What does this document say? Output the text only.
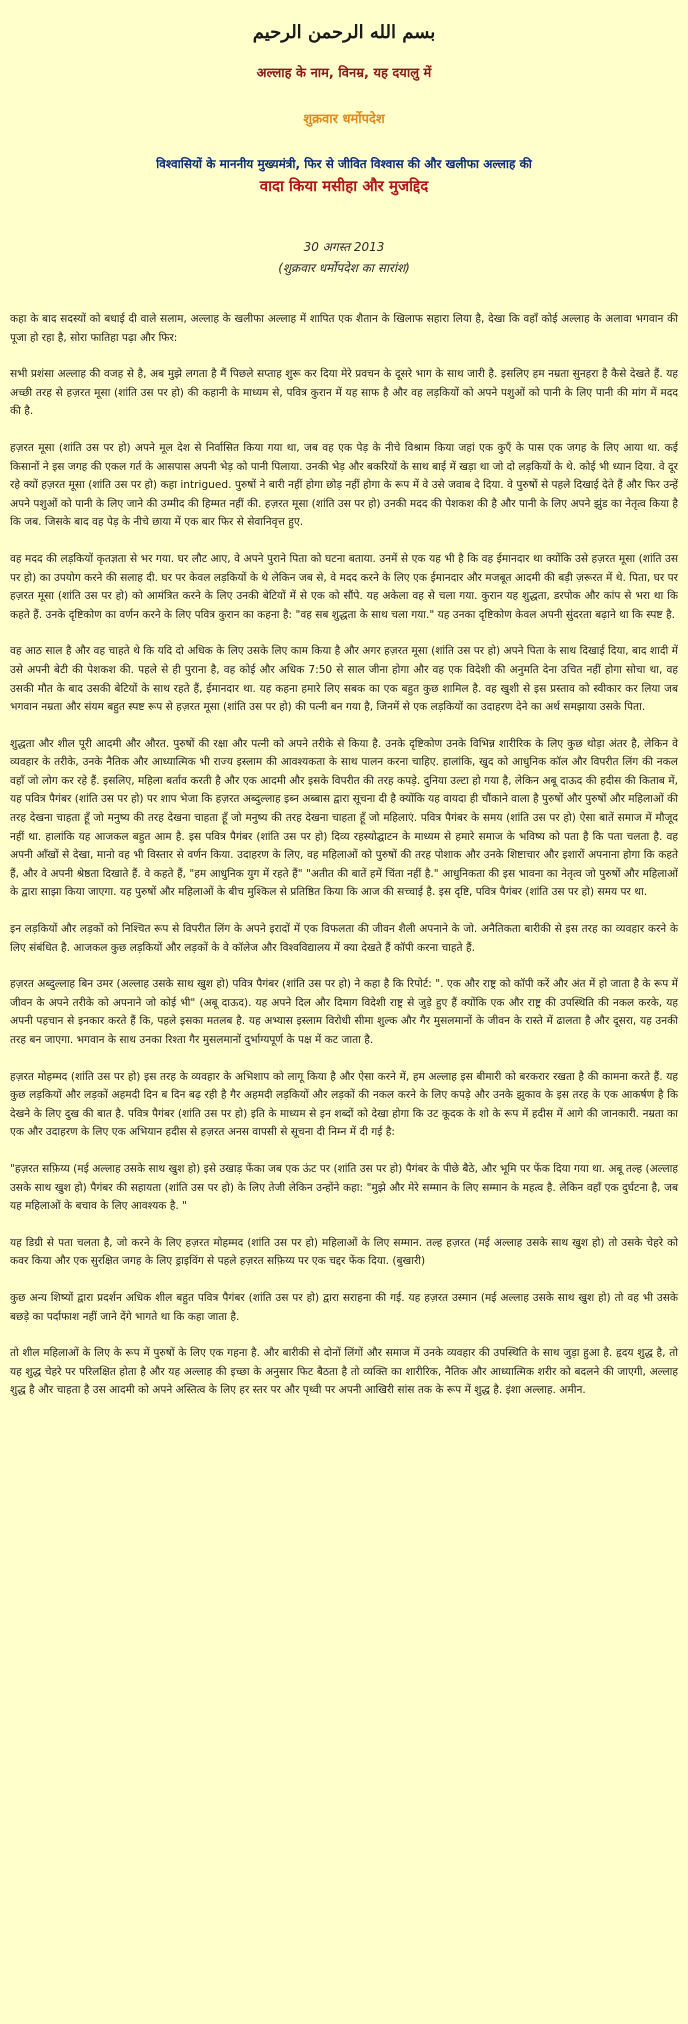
بسم الله الرحمن الرحيم
अल्लाह के नाम, विनम्र, यह दयालु में
शुक्रवार धर्मोपदेश
विश्वासियों के माननीय मुख्यमंत्री, फिर से जीवित विश्वास की और खलीफा अल्लाह की
वादा किया मसीहा और मुजद्दिद
30 अगस्त 2013
(शुक्रवार धर्मोपदेश का सारांश)

कहा के बाद सदस्यों को बधाई दी वाले सलाम, अल्लाह के खलीफा अल्लाह में शापित एक शैतान के खिलाफ सहारा लिया है, देखा कि वहाँ कोई अल्लाह के अलावा भगवान की पूजा हो रहा है, सोरा फातिहा पढ़ा और फिर:

सभी प्रशंसा अल्लाह की वजह से है, अब मुझे लगता है मैं पिछले सप्ताह शुरू कर दिया मेरे प्रवचन के दूसरे भाग के साथ जारी है. इसलिए हम नम्रता सुनहरा है कैसे देखते हैं. यह अच्छी तरह से हज़रत मूसा (शांति उस पर हो) की कहानी के माध्यम से, पवित्र कुरान में यह साफ है और वह लड़कियों को अपने पशुओं को पानी के लिए पानी की मांग में मदद की है.

हज़रत मूसा (शांति उस पर हो) अपने मूल देश से निर्वासित किया गया था, जब वह एक पेड़ के नीचे विश्राम किया जहां एक कुएँ के पास एक जगह के लिए आया था. कई किसानों ने इस जगह की एकल गर्त के आसपास अपनी भेड़ को पानी पिलाया. उनकी भेड़ और बकरियों के साथ बाई में खड़ा था जो दो लड़कियों के थे. कोई भी ध्यान दिया. वे दूर रहे क्यों हज़रत मूसा (शांति उस पर हो) कहा intrigued. पुरुषों ने बारी नहीं होगा छोड़ नहीं होगा के रूप में वे उसे जवाब दे दिया. वे पुरुषों से पहले दिखाई देते हैं और फिर उन्हें अपने पशुओं को पानी के लिए जाने की उम्मीद की हिम्मत नहीं की. हज़रत मूसा (शांति उस पर हो) उनकी मदद की पेशकश की है और पानी के लिए अपने झुंड का नेतृत्व किया है कि जब. जिसके बाद वह पेड़ के नीचे छाया में एक बार फिर से सेवानिवृत्त हुए.

वह मदद की लड़कियों कृतज्ञता से भर गया. घर लौट आए, वे अपने पुराने पिता को घटना बताया. उनमें से एक यह भी है कि वह ईमानदार था क्योंकि उसे हज़रत मूसा (शांति उस पर हो) का उपयोग करने की सलाह दी. घर पर केवल लड़कियों के थे लेकिन जब से, वे मदद करने के लिए एक ईमानदार और मजबूत आदमी की बड़ी ज़रूरत में थे. पिता, घर पर हज़रत मूसा (शांति उस पर हो) को आमंत्रित करने के लिए उनकी बेटियों में से एक को सौंपे. यह अकेला वह से चला गया. कुरान यह शुद्धता, डरपोक और कांप से भरा था कि कहते हैं. उनके दृष्टिकोण का वर्णन करने के लिए पवित्र कुरान का कहना है: "वह सब शुद्धता के साथ चला गया." यह उनका दृष्टिकोण केवल अपनी सुंदरता बढ़ाने था कि स्पष्ट है.

वह आठ साल है और वह चाहते थे कि यदि दो अधिक के लिए उसके लिए काम किया है और अगर हज़रत मूसा (शांति उस पर हो) अपने पिता के साथ दिखाई दिया, बाद शादी में उसे अपनी बेटी की पेशकश की. पहले से ही पुराना है, वह कोई और अधिक 7:50 से साल जीना होगा और वह एक विदेशी की अनुमति देना उचित नहीं होगा सोचा था, वह उसकी मौत के बाद उसकी बेटियों के साथ रहते हैं, ईमानदार था. यह कहना हमारे लिए सबक का एक बहुत कुछ शामिल है. वह खुशी से इस प्रस्ताव को स्वीकार कर लिया जब भगवान नम्रता और संयम बहुत स्पष्ट रूप से हज़रत मूसा (शांति उस पर हो) की पत्नी बन गया है, जिनमें से एक लड़कियों का उदाहरण देने का अर्थ समझाया उसके पिता.

शुद्धता और शील पूरी आदमी और औरत. पुरुषों की रक्षा और पत्नी को अपने तरीके से किया है. उनके दृष्टिकोण उनके विभिन्न शारीरिक के लिए कुछ थोड़ा अंतर है, लेकिन वे व्यवहार के तरीके, उनके नैतिक और आध्यात्मिक भी राज्य इस्लाम की आवश्यकता के साथ पालन करना चाहिए. हालांकि, खुद को आधुनिक कॉल और विपरीत लिंग की नकल वहाँ जो लोग कर रहे हैं. इसलिए, महिला बर्ताव करती है और एक आदमी और इसके विपरीत की तरह कपड़े. दुनिया उल्टा हो गया है, लेकिन अबू दाऊद की हदीस की किताब में, यह पवित्र पैगंबर (शांति उस पर हो) पर शाप भेजा कि हज़रत अब्दुल्लाह इब्न अब्बास द्वारा सूचना दी है क्योंकि यह वायदा ही चौंकाने वाला है पुरुषों और पुरुषों और महिलाओं की तरह देखना चाहता हूँ जो मनुष्य की तरह देखना चाहता हूँ जो मनुष्य की तरह देखना चाहता हूँ जो महिलाएं. पवित्र पैगंबर के समय (शांति उस पर हो) ऐसा बातें समाज में मौजूद नहीं था. हालांकि यह आजकल बहुत आम है. इस पवित्र पैगंबर (शांति उस पर हो) दिव्य रहस्योद्घाटन के माध्यम से हमारे समाज के भविष्य को पता है कि पता चलता है. वह अपनी आँखों से देखा, मानो वह भी विस्तार से वर्णन किया. उदाहरण के लिए, वह महिलाओं को पुरुषों की तरह पोशाक और उनके शिष्टाचार और इशारों अपनाना होगा कि कहते हैं, और वे अपनी श्रेष्ठता दिखाते हैं. वे कहते हैं, "हम आधुनिक युग में रहते हैं" "अतीत की बातें हमें चिंता नहीं है." आधुनिकता की इस भावना का नेतृत्व जो पुरुषों और महिलाओं के द्वारा साझा किया जाएगा. यह पुरुषों और महिलाओं के बीच मुश्किल से प्रतिष्ठित किया कि आज की सच्चाई है. इस दृष्टि, पवित्र पैगंबर (शांति उस पर हो) समय पर था.

इन लड़कियों और लड़कों को निश्चित रूप से विपरीत लिंग के अपने इरादों में एक विफलता की जीवन शैली अपनाने के जो. अनैतिकता बारीकी से इस तरह का व्यवहार करने के लिए संबंधित है. आजकल कुछ लड़कियों और लड़कों के वे कॉलेज और विश्वविद्यालय में क्या देखते हैं कॉपी करना चाहते हैं.

हज़रत अब्दुल्लाह बिन उमर (अल्लाह उसके साथ खुश हो) पवित्र पैगंबर (शांति उस पर हो) ने कहा है कि रिपोर्ट: ". एक और राष्ट्र को कॉपी करें और अंत में हो जाता है के रूप में जीवन के अपने तरीके को अपनाने जो कोई भी" (अबू दाऊद). यह अपने दिल और दिमाग विदेशी राष्ट्र से जुड़े हुए हैं क्योंकि एक और राष्ट्र की उपस्थिति की नकल करके, यह अपनी पहचान से इनकार करते हैं कि, पहले इसका मतलब है. यह अभ्यास इस्लाम विरोधी सीमा शुल्क और गैर मुसलमानों के जीवन के रास्ते में ढालता है और दूसरा, यह उनकी तरह बन जाएगा. भगवान के साथ उनका रिश्ता गैर मुसलमानों दुर्भाग्यपूर्ण के पक्ष में कट जाता है.

हज़रत मोहम्मद (शांति उस पर हो) इस तरह के व्यवहार के अभिशाप को लागू किया है और ऐसा करने में, हम अल्लाह इस बीमारी को बरकरार रखता है की कामना करते हैं. यह कुछ लड़कियों और लड़कों अहमदी दिन ब दिन बढ़ रही है गैर अहमदी लड़कियों और लड़कों की नकल करने के लिए कपड़े और उनके झुकाव के इस तरह के एक आकर्षण है कि देखने के लिए दुख की बात है. पवित्र पैगंबर (शांति उस पर हो) इति के माध्यम से इन शब्दों को देखा होगा कि उट कूदक के शो के रूप में हदीस में आगे की जानकारी. नम्रता का एक और उदाहरण के लिए एक अभियान हदीस से हज़रत अनस वापसी से सूचना दी निम्न में दी गई है:

"हज़रत सफ़िय्य (मई अल्लाह उसके साथ खुश हो) इसे उखाड़ फेंका जब एक ऊंट पर (शांति उस पर हो) पैगंबर के पीछे बैठे, और भूमि पर फेंक दिया गया था. अबू तल्ह (अल्लाह उसके साथ खुश हो) पैगंबर की सहायता (शांति उस पर हो) के लिए तेजी लेकिन उन्होंने कहा: "मुझे और मेरे सम्मान के लिए सम्मान के महत्व है. लेकिन वहाँ एक दुर्घटना है, जब यह महिलाओं के बचाव के लिए आवश्यक है. "

यह डिग्री से पता चलता है, जो करने के लिए हज़रत मोहम्मद (शांति उस पर हो) महिलाओं के लिए सम्मान. तल्ह हज़रत (मई अल्लाह उसके साथ खुश हो) तो उसके चेहरे को कवर किया और एक सुरक्षित जगह के लिए ड्राइविंग से पहले हज़रत सफ़िय्य पर एक चद्दर फेंक दिया. (बुखारी)

कुछ अन्य शिष्यों द्वारा प्रदर्शन अधिक शील बहुत पवित्र पैगंबर (शांति उस पर हो) द्वारा सराहना की गई. यह हज़रत उस्मान (मई अल्लाह उसके साथ खुश हो) तो वह भी उसके बछड़े का पर्दाफाश नहीं जाने देंगे भागते था कि कहा जाता है.

तो शील महिलाओं के लिए के रूप में पुरुषों के लिए एक गहना है. और बारीकी से दोनों लिंगों और समाज में उनके व्यवहार की उपस्थिति के साथ जुड़ा हुआ है. हृदय शुद्ध है, तो यह शुद्ध चेहरे पर परिलक्षित होता है और यह अल्लाह की इच्छा के अनुसार फिट बैठता है तो व्यक्ति का शारीरिक, नैतिक और आध्यात्मिक शरीर को बदलने की जाएगी, अल्लाह शुद्ध है और चाहता है उस आदमी को अपने अस्तित्व के लिए हर स्तर पर और पृथ्वी पर अपनी आखिरी सांस तक के रूप में शुद्ध है. इंशा अल्लाह. अमीन.
